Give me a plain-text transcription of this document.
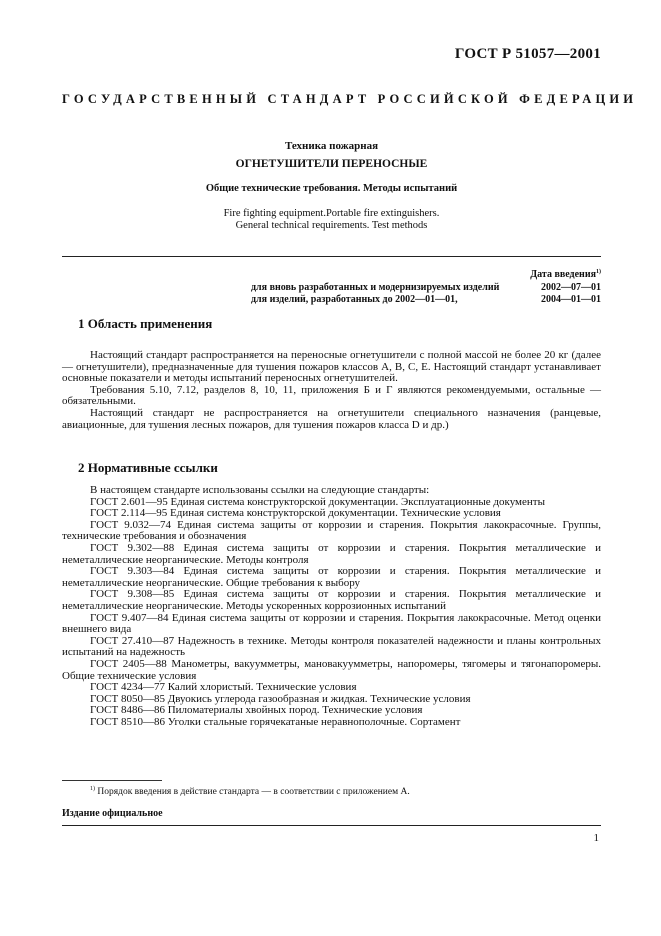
ГОСТ Р 51057—2001
ГОСУДАРСТВЕННЫЙ СТАНДАРТ РОССИЙСКОЙ ФЕДЕРАЦИИ
Техника пожарная
ОГНЕТУШИТЕЛИ ПЕРЕНОСНЫЕ
Общие технические требования. Методы испытаний
Fire fighting equipment.Portable fire extinguishers.
General technical requirements. Test methods
Дата введения$^{1)}$
для вновь разработанных и модернизируемых изделий	2002—07—01
для изделий, разработанных до 2002—01—01,	2004—01—01
1 Область применения

Настоящий стандарт распространяется на переносные огнетушители с полной массой не более 20 кг (далее — огнетушители), предназначенные для тушения пожаров классов А, В, С, Е. Настоящий стандарт устанавливает основные показатели и методы испытаний переносных огнетушителей.

Требования 5.10, 7.12, разделов 8, 10, 11, приложения Б и Г являются рекомендуемыми, остальные — обязательными.

Настоящий стандарт не распространяется на огнетушители специального назначения (ранцевые, авиационные, для тушения лесных пожаров, для тушения пожаров класса D и др.)

2 Нормативные ссылки

В настоящем стандарте использованы ссылки на следующие стандарты:

ГОСТ 2.601—95 Единая система конструкторской документации. Эксплуатационные документы

ГОСТ 2.114—95 Единая система конструкторской документации. Технические условия

ГОСТ 9.032—74 Единая система защиты от коррозии и старения. Покрытия лакокрасочные. Группы, технические требования и обозначения

ГОСТ 9.302—88 Единая система защиты от коррозии и старения. Покрытия металлические и неметаллические неорганические. Методы контроля

ГОСТ 9.303—84 Единая система защиты от коррозии и старения. Покрытия металлические и неметаллические неорганические. Общие требования к выбору

ГОСТ 9.308—85 Единая система защиты от коррозии и старения. Покрытия металлические и неметаллические неорганические. Методы ускоренных коррозионных испытаний

ГОСТ 9.407—84 Единая система защиты от коррозии и старения. Покрытия лакокрасочные. Метод оценки внешнего вида

ГОСТ 27.410—87 Надежность в технике. Методы контроля показателей надежности и планы контрольных испытаний на надежность

ГОСТ 2405—88 Манометры, вакуумметры, мановакуумметры, напоромеры, тягомеры и тягонапоромеры. Общие технические условия

ГОСТ 4234—77 Калий хлористый. Технические условия

ГОСТ 8050—85 Двуокись углерода газообразная и жидкая. Технические условия

ГОСТ 8486—86 Пиломатериалы хвойных пород. Технические условия

ГОСТ 8510—86 Уголки стальные горячекатаные неравнополочные. Сортамент

$^{1)}$ Порядок введения в действие стандарта — в соответствии с приложением А.
Издание официальное
1
